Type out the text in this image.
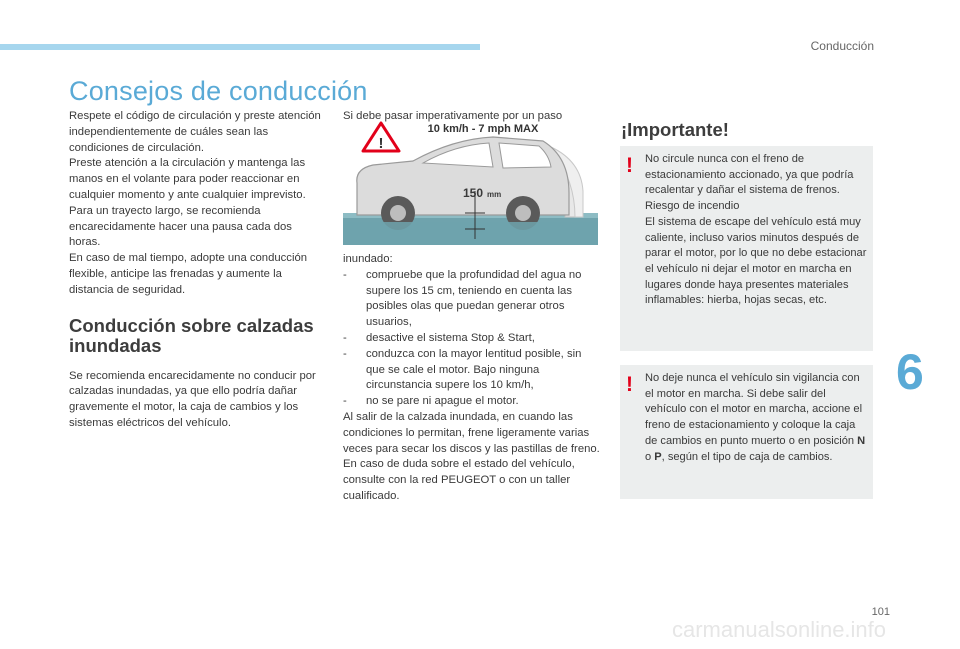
Conducción
Consejos de conducción

Respete el código de circulación y preste atención independientemente de cuáles sean las condiciones de circulación.

Preste atención a la circulación y mantenga las manos en el volante para poder reaccionar en cualquier momento y ante cualquier imprevisto.

Para un trayecto largo, se recomienda encarecidamente hacer una pausa cada dos horas.

En caso de mal tiempo, adopte una conducción flexible, anticipe las frenadas y aumente la distancia de seguridad.

Conducción sobre calzadas inundadas

Se recomienda encarecidamente no conducir por calzadas inundadas, ya que ello podría dañar gravemente el motor, la caja de cambios y los sistemas eléctricos del vehículo.

Si debe pasar imperativamente por un paso

150 mm
!
10 km/h - 7 mph MAX

inundado:

- compruebe que la profundidad del agua no supere los 15 cm, teniendo en cuenta las posibles olas que puedan generar otros usuarios,
- desactive el sistema Stop & Start,
- conduzca con la mayor lentitud posible, sin que se cale el motor. Bajo ninguna circunstancia supere los 10 km/h,
- no se pare ni apague el motor.

Al salir de la calzada inundada, en cuando las condiciones lo permitan, frene ligeramente varias veces para secar los discos y las pastillas de freno.

En caso de duda sobre el estado del vehículo, consulte con la red PEUGEOT o con un taller cualificado.

¡Importante!
! No circule nunca con el freno de estacionamiento accionado, ya que podría recalentar y dañar el sistema de frenos.

Riesgo de incendio

El sistema de escape del vehículo está muy caliente, incluso varios minutos después de parar el motor, por lo que no debe estacionar el vehículo ni dejar el motor en marcha en lugares donde haya presentes materiales inflamables: hierba, hojas secas, etc.

! No deje nunca el vehículo sin vigilancia con el motor en marcha. Si debe salir del vehículo con el motor en marcha, accione el freno de estacionamiento y coloque la caja de cambios en punto muerto o en posición N o P, según el tipo de caja de cambios.

6
101
carmanualsonline.info
